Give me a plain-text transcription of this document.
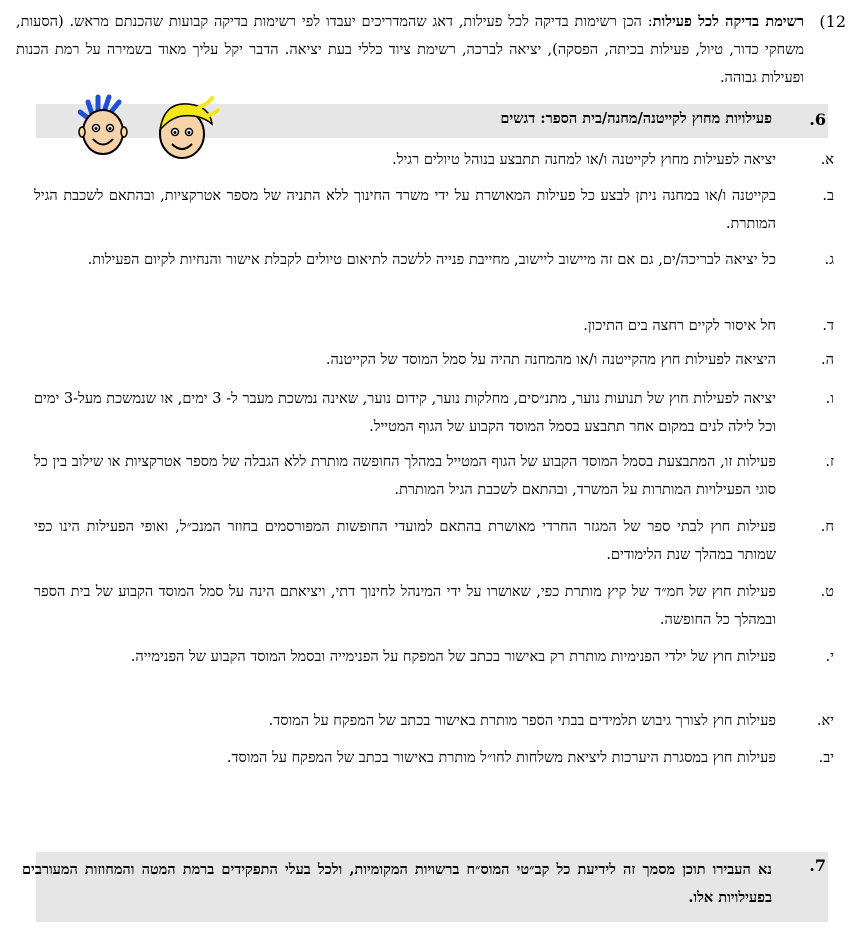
12)
רשימת בדיקה לכל פעילות: הכן רשימות בדיקה לכל פעילות, דאג שהמדריכים יעבדו לפי רשימות בדיקה קבועות שהכנתם מראש. (הסעות, משחקי כדור, טיול, פעילות בכיתה, הפסקה), יציאה לברכה, רשימת ציוד כללי בעת יציאה. הדבר יקל עליך מאוד בשמירה על רמת הכנות ופעילות גבוהה.
6.
פעילויות מחוץ לקייטנה/מחנה/בית הספר: דגשים
א.
יציאה לפעילות מחוץ לקייטנה ו/או למחנה תתבצע בנוהל טיולים רגיל.
ב.
בקייטנה ו/או במחנה ניתן לבצע כל פעילות המאושרת על ידי משרד החינוך ללא התניה של מספר אטרקציות, ובהתאם לשכבת הגיל המותרת.
ג.
כל יציאה לבריכה/ים, גם אם זה מיישוב ליישוב, מחייבת פנייה ללשכה לתיאום טיולים לקבלת אישור והנחיות לקיום הפעילות.
ד.
חל איסור לקיים רחצה בים התיכון.
ה.
היציאה לפעילות חוץ מהקייטנה ו/או מהמחנה תהיה על סמל המוסד של הקייטנה.
ו.
יציאה לפעילות חוץ של תנועות נוער, מתנ״סים, מחלקות נוער, קידום נוער, שאינה נמשכת מעבר ל- 3 ימים, או שנמשכת מעל-3 ימים וכל לילה לנים במקום אחר תתבצע בסמל המוסד הקבוע של הגוף המטייל.
ז.
פעילות זו, המתבצעת בסמל המוסד הקבוע של הגוף המטייל במהלך החופשה מותרת ללא הגבלה של מספר אטרקציות או שילוב בין כל סוגי הפעילויות המותרות על המשרד, ובהתאם לשכבת הגיל המותרת.
ח.
פעילות חוץ לבתי ספר של המגזר החרדי מאושרת בהתאם למועדי החופשות המפורסמים בחוזר המנכ״ל, ואופי הפעילות הינו כפי שמותר במהלך שנת הלימודים.
ט.
פעילות חוץ של חמ״ד של קיץ מותרת כפי, שאושרו על ידי המינהל לחינוך דתי, ויציאתם הינה על סמל המוסד הקבוע של בית הספר ובמהלך כל החופשה.
י.
פעילות חוץ של ילדי הפנימיות מותרת רק באישור בכתב של המפקח על הפנימייה ובסמל המוסד הקבוע של הפנימייה.
יא.
פעילות חוץ לצורך גיבוש תלמידים בבתי הספר מותרת באישור בכתב של המפקח על המוסד.
יב.
פעילות חוץ במסגרת היערכות ליציאת משלחות לחו״ל מותרת באישור בכתב של המפקח על המוסד.
7.
נא העבירו תוכן מסמך זה לידיעת כל קב״טי המוס״ח ברשויות המקומיות, ולכל בעלי התפקידים ברמת המטה והמחוזות המעורבים בפעילויות אלו.
